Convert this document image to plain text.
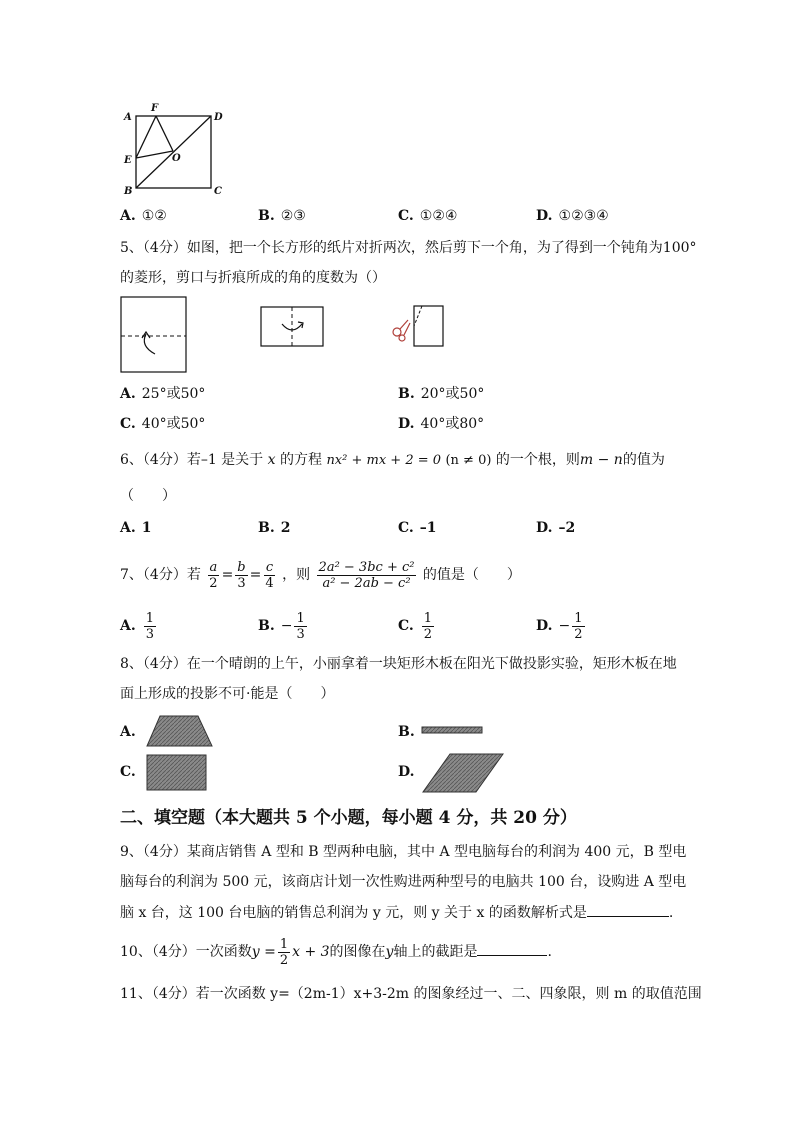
A
F
D
E	O
B	C
A. ①②	B. ②③	C. ①②④	D. ①②③④
5、（4分）如图，把一个长方形的纸片对折两次，然后剪下一个角，为了得到一个钝角为100°
的菱形，剪口与折痕所成的角的度数为（）
A. 25°或50°	B. 20°或50°
C. 40°或50°	D. 40°或80°
6、（4分）若–1 是关于 x 的方程 nx² + mx + 2 = 0 (n ≠ 0) 的一个根，则m − n的值为
（　　）
A. 1	B. 2	C. –1	D. –2
7、（4分）若 $\frac{a}{2} = \frac{b}{3} = \frac{c}{4}$ ，则 $\frac{\text{2a² − 3bc + c²}}{\text{a² − 2ab − c²}}$ 的值是（　　）
A. $\frac{1}{3}$	B. − $\frac{1}{3}$	C. $\frac{1}{2}$	D. − $\frac{1}{2}$
8、（4分）在一个晴朗的上午，小丽拿着一块矩形木板在阳光下做投影实验，矩形木板在地
面上形成的投影不可·能是（　　）
A.	B.
C.	D.
二、填空题（本大题共 5 个小题，每小题 4 分，共 20 分）
9、（4分）某商店销售 A 型和 B 型两种电脑，其中 A 型电脑每台的利润为 400 元，B 型电
脑每台的利润为 500 元，该商店计划一次性购进两种型号的电脑共 100 台，设购进 A 型电
脑 x 台，这 100 台电脑的销售总利润为 y 元，则 y 关于 x 的函数解析式是	.
10、（4分）一次函数$y = \frac{1}{2}$ x + 3的图像在y轴上的截距是	.
11、（4分）若一次函数 y=（2m-1）x+3-2m 的图象经过一、二、四象限，则 m 的取值范围
